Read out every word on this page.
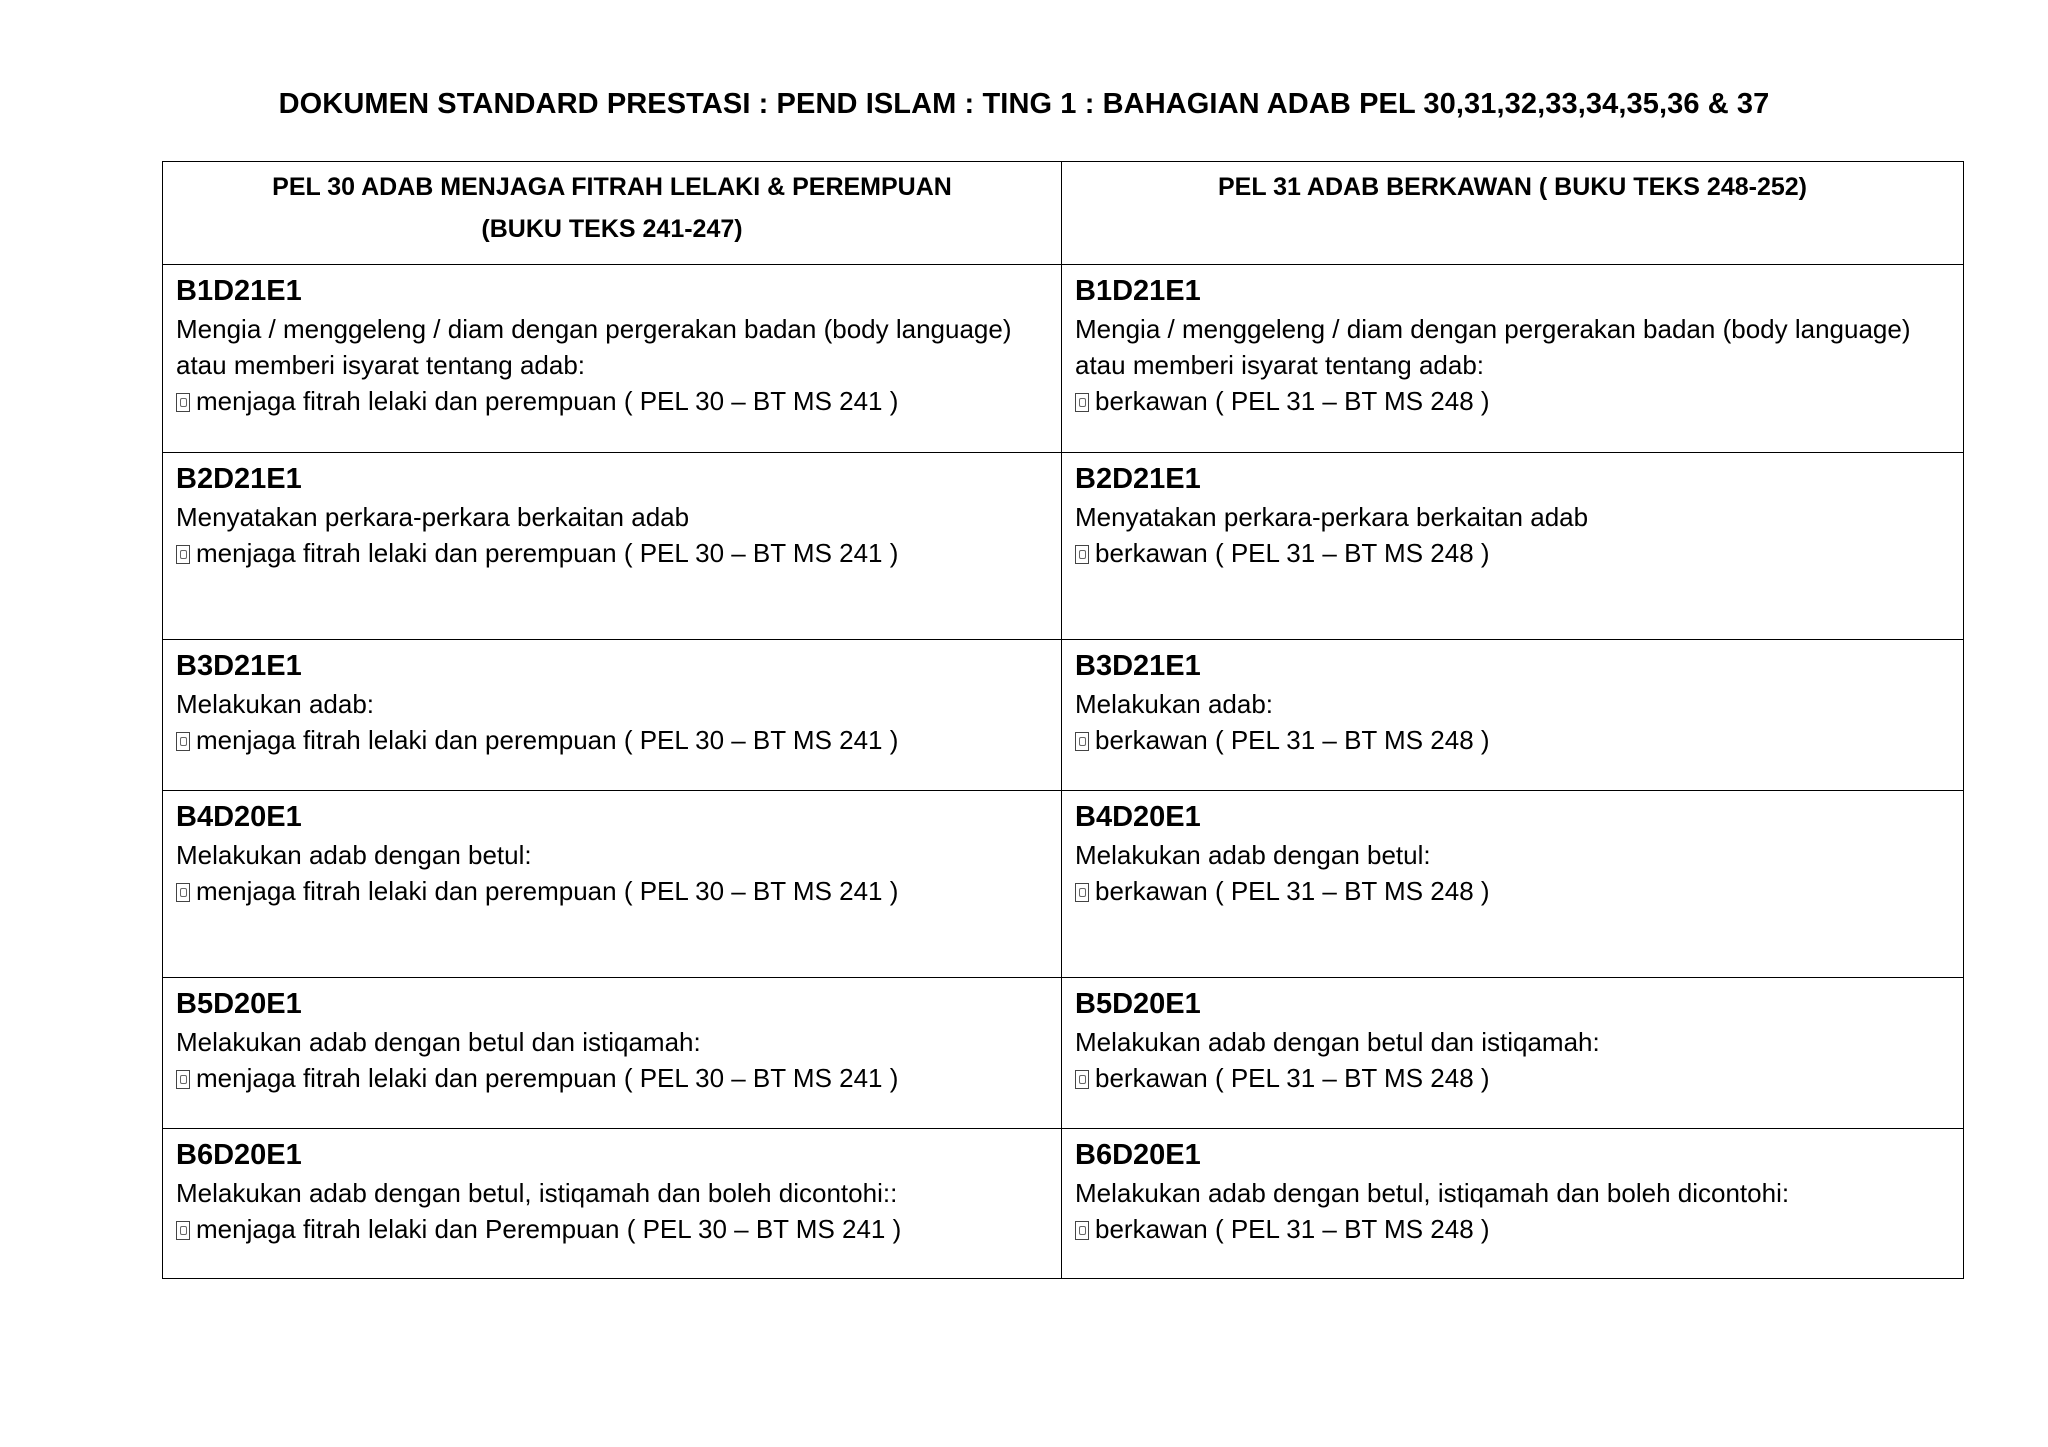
DOKUMEN STANDARD PRESTASI : PEND ISLAM : TING 1 : BAHAGIAN ADAB PEL 30,31,32,33,34,35,36 & 37
PEL 30 ADAB MENJAGA FITRAH LELAKI & PEREMPUAN
(BUKU TEKS 241-247)	PEL 31 ADAB BERKAWAN ( BUKU TEKS 248-252)

B1D21E1
Mengia / menggeleng / diam dengan pergerakan badan (body language)
atau memberi isyarat tentang adab:
menjaga fitrah lelaki dan perempuan ( PEL 30 – BT MS 241 )	B1D21E1
Mengia / menggeleng / diam dengan pergerakan badan (body language)
atau memberi isyarat tentang adab:
berkawan ( PEL 31 – BT MS 248 )

B2D21E1
Menyatakan perkara-perkara berkaitan adab
menjaga fitrah lelaki dan perempuan ( PEL 30 – BT MS 241 )	B2D21E1
Menyatakan perkara-perkara berkaitan adab
berkawan ( PEL 31 – BT MS 248 )

B3D21E1
Melakukan adab:
menjaga fitrah lelaki dan perempuan ( PEL 30 – BT MS 241 )	B3D21E1
Melakukan adab:
berkawan ( PEL 31 – BT MS 248 )

B4D20E1
Melakukan adab dengan betul:
menjaga fitrah lelaki dan perempuan ( PEL 30 – BT MS 241 )	B4D20E1
Melakukan adab dengan betul:
berkawan ( PEL 31 – BT MS 248 )

B5D20E1
Melakukan adab dengan betul dan istiqamah:
menjaga fitrah lelaki dan perempuan ( PEL 30 – BT MS 241 )	B5D20E1
Melakukan adab dengan betul dan istiqamah:
berkawan ( PEL 31 – BT MS 248 )

B6D20E1
Melakukan adab dengan betul, istiqamah dan boleh dicontohi::
menjaga fitrah lelaki dan Perempuan ( PEL 30 – BT MS 241 )	B6D20E1
Melakukan adab dengan betul, istiqamah dan boleh dicontohi:
berkawan ( PEL 31 – BT MS 248 )
